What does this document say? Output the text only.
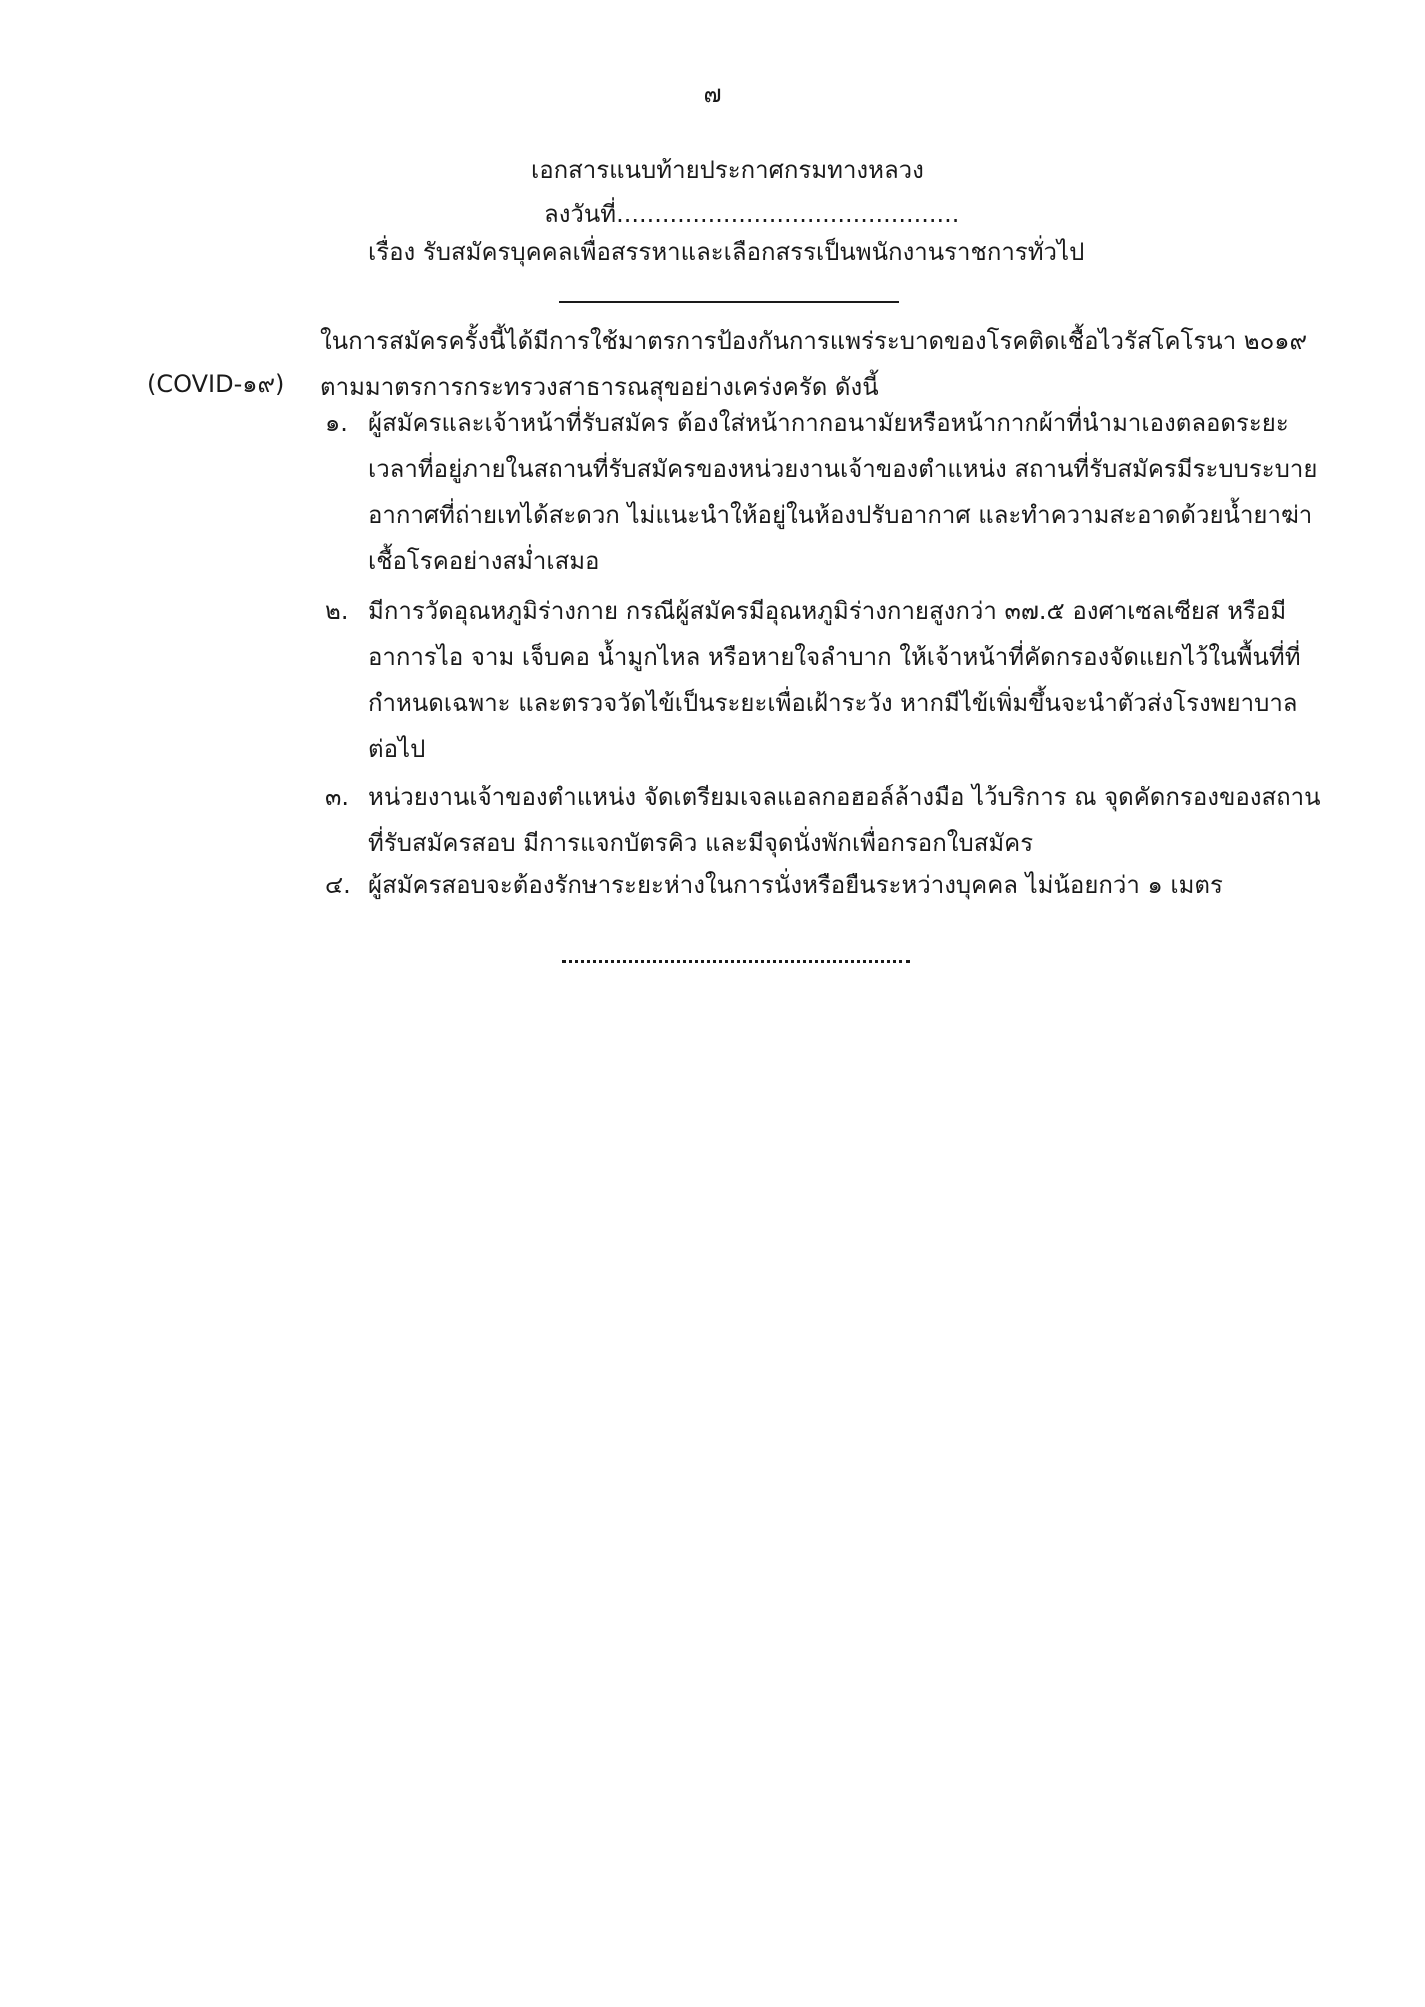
๗
เอกสารแนบท้ายประกาศกรมทางหลวง
ลงวันที่.............................................
เรื่อง รับสมัครบุคคลเพื่อสรรหาและเลือกสรรเป็นพนักงานราชการทั่วไป
ในการสมัครครั้งนี้ได้มีการใช้มาตรการป้องกันการแพร่ระบาดของโรคติดเชื้อไวรัสโคโรนา ๒๐๑๙
ตามมาตรการกระทรวงสาธารณสุขอย่างเคร่งครัด ดังนี้
(COVID-๑๙)
๑. ผู้สมัครและเจ้าหน้าที่รับสมัคร ต้องใส่หน้ากากอนามัยหรือหน้ากากผ้าที่นำมาเองตลอดระยะเวลาที่อยู่ภายในสถานที่รับสมัครของหน่วยงานเจ้าของตำแหน่ง สถานที่รับสมัครมีระบบระบายอากาศที่ถ่ายเทได้สะดวก ไม่แนะนำให้อยู่ในห้องปรับอากาศ และทำความสะอาดด้วยน้ำยาฆ่าเชื้อโรคอย่างสม่ำเสมอ
๒. มีการวัดอุณหภูมิร่างกาย กรณีผู้สมัครมีอุณหภูมิร่างกายสูงกว่า ๓๗.๕ องศาเซลเซียส หรือมีอาการไอ จาม เจ็บคอ น้ำมูกไหล หรือหายใจลำบาก ให้เจ้าหน้าที่คัดกรองจัดแยกไว้ในพื้นที่ที่กำหนดเฉพาะ และตรวจวัดไข้เป็นระยะเพื่อเฝ้าระวัง หากมีไข้เพิ่มขึ้นจะนำตัวส่งโรงพยาบาลต่อไป
๓. หน่วยงานเจ้าของตำแหน่ง จัดเตรียมเจลแอลกอฮอล์ล้างมือ ไว้บริการ ณ จุดคัดกรองของสถานที่รับสมัครสอบ มีการแจกบัตรคิว และมีจุดนั่งพักเพื่อกรอกใบสมัคร
๔. ผู้สมัครสอบจะต้องรักษาระยะห่างในการนั่งหรือยืนระหว่างบุคคล ไม่น้อยกว่า ๑ เมตร
